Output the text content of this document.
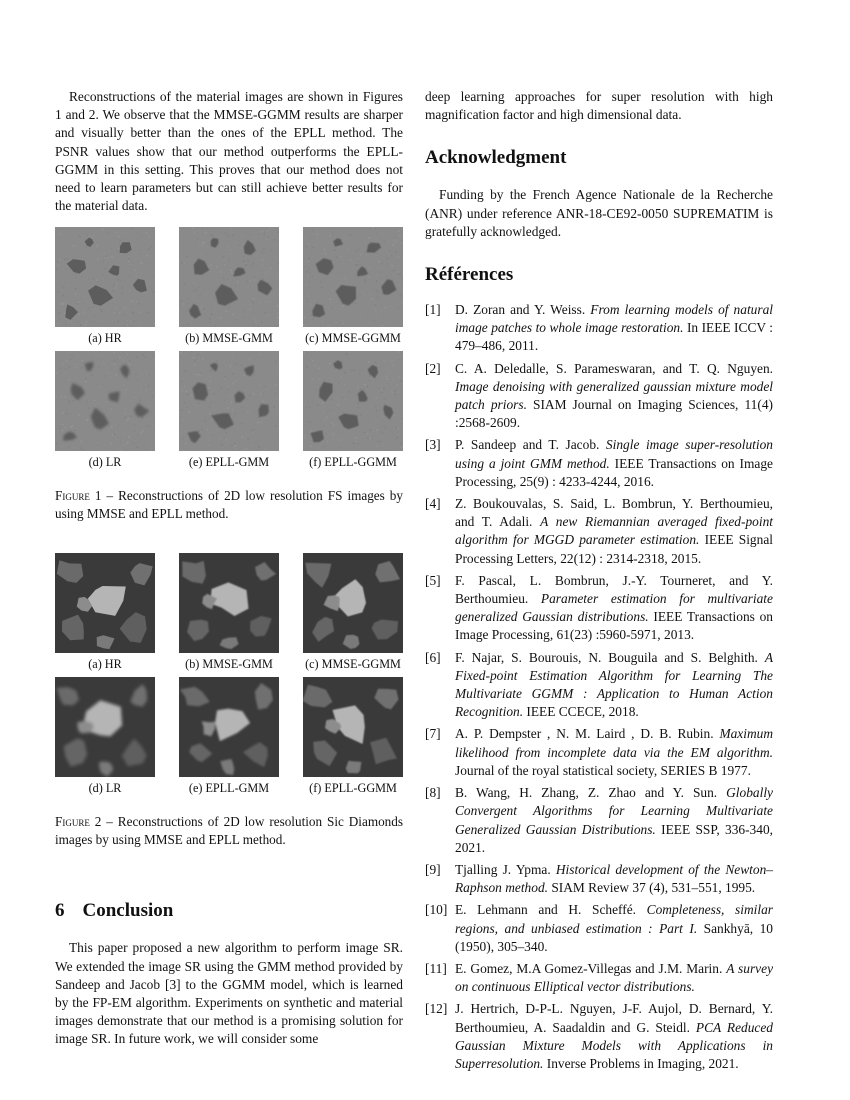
Reconstructions of the material images are shown in Figures 1 and 2. We observe that the MMSE-GGMM results are sharper and visually better than the ones of the EPLL method. The PSNR values show that our method outperforms the EPLL-GGMM in this setting. This proves that our method does not need to learn parameters but can still achieve better results for the material data.

(a) HR	(b) MMSE-GMM	(c) MMSE-GGMM
(d) LR	(e) EPLL-GMM	(f) EPLL-GGMM

Figure 1 – Reconstructions of 2D low resolution FS images by using MMSE and EPLL method.

(a) HR	(b) MMSE-GMM	(c) MMSE-GGMM
(d) LR	(e) EPLL-GMM	(f) EPLL-GGMM

Figure 2 – Reconstructions of 2D low resolution Sic Diamonds images by using MMSE and EPLL method.

6 Conclusion

This paper proposed a new algorithm to perform image SR. We extended the image SR using the GMM method provided by Sandeep and Jacob [3] to the GGMM model, which is learned by the FP-EM algorithm. Experiments on synthetic and material images demonstrate that our method is a promising solution for image SR. In future work, we will consider some

deep learning approaches for super resolution with high magnification factor and high dimensional data.

Acknowledgment

Funding by the French Agence Nationale de la Recherche (ANR) under reference ANR-18-CE92-0050 SUPREMATIM is gratefully acknowledged.

Références
[1]	D. Zoran and Y. Weiss. From learning models of natural image patches to whole image restoration. In IEEE ICCV : 479–486, 2011.
[2]	C. A. Deledalle, S. Parameswaran, and T. Q. Nguyen. Image denoising with generalized gaussian mixture model patch priors. SIAM Journal on Imaging Sciences, 11(4) :2568-2609.
[3]	P. Sandeep and T. Jacob. Single image super-resolution using a joint GMM method. IEEE Transactions on Image Processing, 25(9) : 4233-4244, 2016.
[4]	Z. Boukouvalas, S. Said, L. Bombrun, Y. Berthoumieu, and T. Adali. A new Riemannian averaged fixed-point algorithm for MGGD parameter estimation. IEEE Signal Processing Letters, 22(12) : 2314-2318, 2015.
[5]	F. Pascal, L. Bombrun, J.-Y. Tourneret, and Y. Berthoumieu. Parameter estimation for multivariate generalized Gaussian distributions. IEEE Transactions on Image Processing, 61(23) :5960-5971, 2013.
[6]	F. Najar, S. Bourouis, N. Bouguila and S. Belghith. A Fixed-point Estimation Algorithm for Learning The Multivariate GGMM : Application to Human Action Recognition. IEEE CCECE, 2018.
[7]	A. P. Dempster , N. M. Laird , D. B. Rubin. Maximum likelihood from incomplete data via the EM algorithm. Journal of the royal statistical society, SERIES B 1977.
[8]	B. Wang, H. Zhang, Z. Zhao and Y. Sun. Globally Convergent Algorithms for Learning Multivariate Generalized Gaussian Distributions. IEEE SSP, 336-340, 2021.
[9]	Tjalling J. Ypma. Historical development of the Newton–Raphson method. SIAM Review 37 (4), 531–551, 1995.
[10] E. Lehmann and H. Scheffé. Completeness, similar regions, and unbiased estimation : Part I. Sankhyā, 10 (1950), 305–340.
[11] E. Gomez, M.A Gomez-Villegas and J.M. Marin. A survey on continuous Elliptical vector distributions.
[12] J. Hertrich, D-P-L. Nguyen, J-F. Aujol, D. Bernard, Y. Berthoumieu, A. Saadaldin and G. Steidl. PCA Reduced Gaussian Mixture Models with Applications in Superresolution. Inverse Problems in Imaging, 2021.
